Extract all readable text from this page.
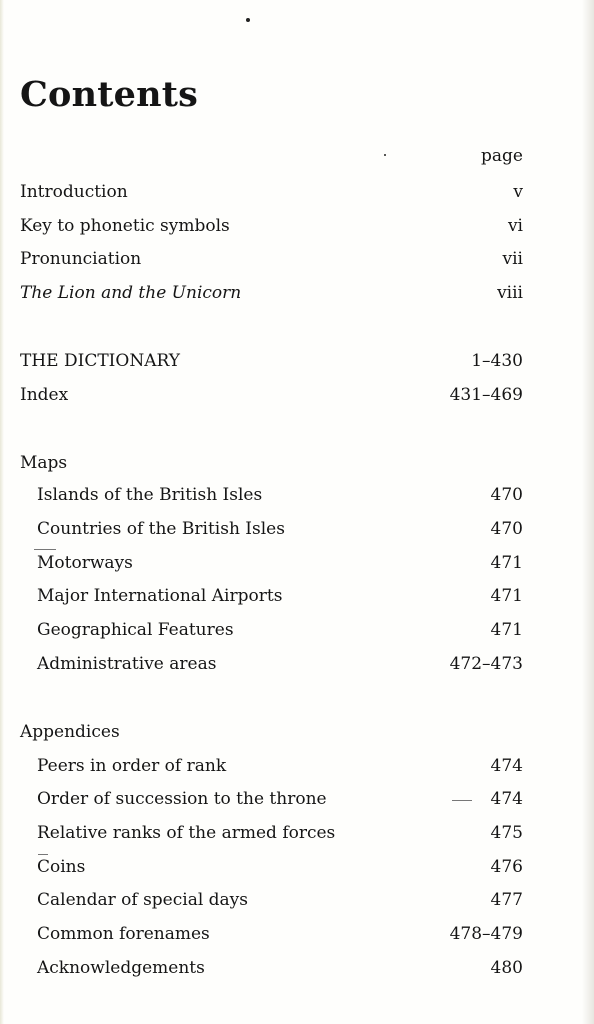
Contents
page
Introduction	v
Key to phonetic symbols	vi
Pronunciation	vii
The Lion and the Unicorn	viii
THE DICTIONARY	1–430
Index	431–469
Maps
Islands of the British Isles	470
Countries of the British Isles	470
Motorways	471
Major International Airports	471
Geographical Features	471
Administrative areas	472–473
Appendices
Peers in order of rank	474
Order of succession to the throne	474
Relative ranks of the armed forces	475
Coins	476
Calendar of special days	477
Common forenames	478–479
Acknowledgements	480
